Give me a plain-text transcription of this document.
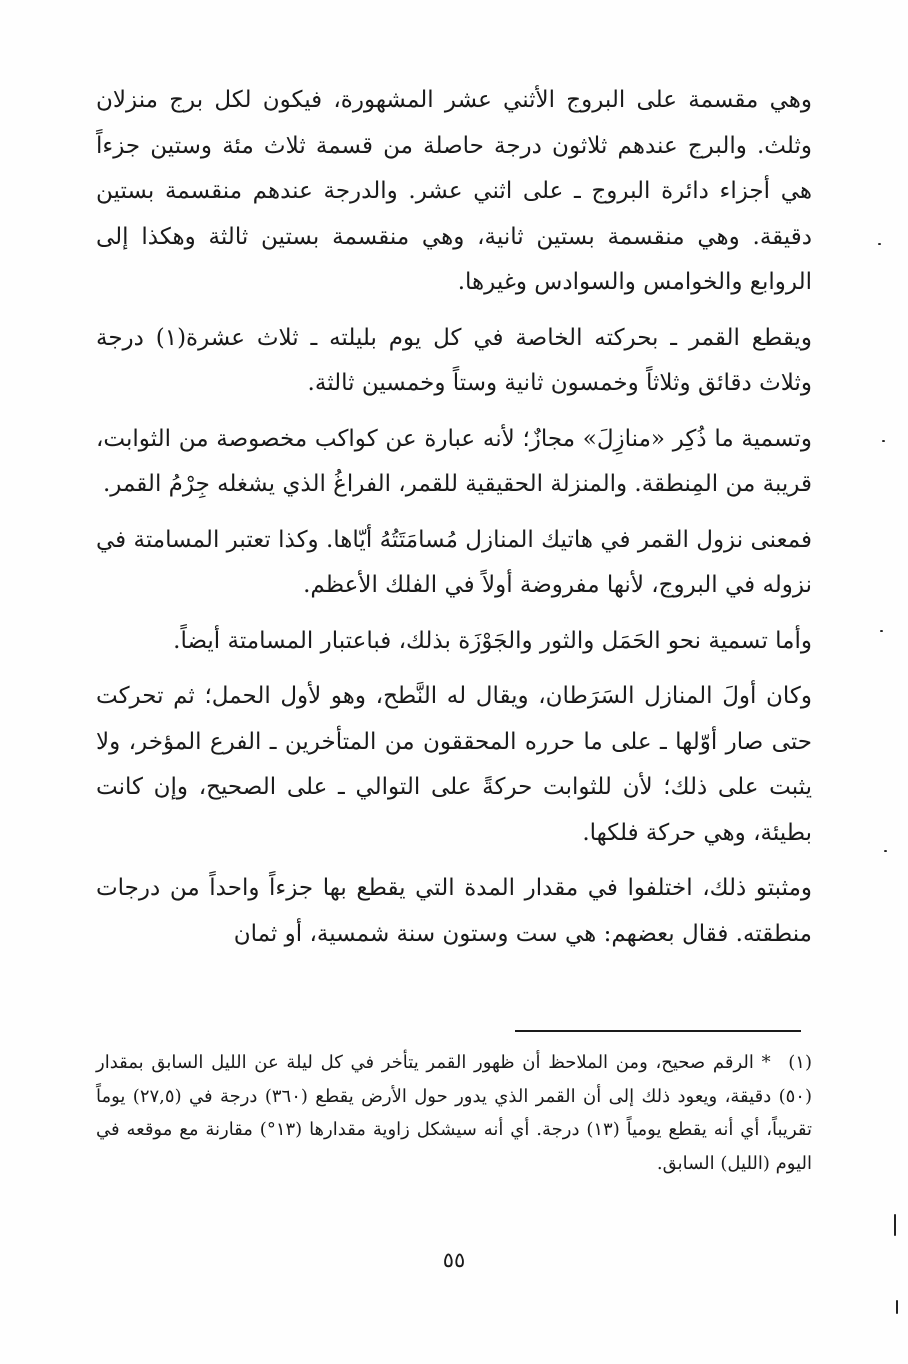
وهي مقسمة على البروج الأثني عشر المشهورة، فيكون لكل برج منزلان وثلث. والبرج عندهم ثلاثون درجة حاصلة من قسمة ثلاث مئة وستين جزءاً هي أجزاء دائرة البروج ـ على اثني عشر. والدرجة عندهم منقسمة بستين دقيقة. وهي منقسمة بستين ثانية، وهي منقسمة بستين ثالثة وهكذا إلى الروابع والخوامس والسوادس وغيرها.

ويقطع القمر ـ بحركته الخاصة في كل يوم بليلته ـ ثلاث عشرة(١) درجة وثلاث دقائق وثلاثاً وخمسون ثانية وستاً وخمسين ثالثة.

وتسمية ما ذُكِر «منازِلَ» مجازٌ؛ لأنه عبارة عن كواكب مخصوصة من الثوابت، قريبة من المِنطقة. والمنزلة الحقيقية للقمر، الفراغُ الذي يشغله جِرْمُ القمر.

فمعنى نزول القمر في هاتيك المنازل مُسامَتَتُهُ أيّاها. وكذا تعتبر المسامتة في نزوله في البروج، لأنها مفروضة أولاً في الفلك الأعظم.

وأما تسمية نحو الحَمَل والثور والجَوْزَة بذلك، فباعتبار المسامتة أيضاً.

وكان أولَ المنازل السَرَطان، ويقال له النَّطح، وهو لأول الحمل؛ ثم تحركت حتى صار أوّلها ـ على ما حرره المحققون من المتأخرين ـ الفرع المؤخر، ولا يثبت على ذلك؛ لأن للثوابت حركةً على التوالي ـ على الصحيح، وإن كانت بطيئة، وهي حركة فلكها.

ومثبتو ذلك، اختلفوا في مقدار المدة التي يقطع بها جزءاً واحداً من درجات منطقته. فقال بعضهم: هي ست وستون سنة شمسية، أو ثمان

(١) * الرقم صحيح، ومن الملاحظ أن ظهور القمر يتأخر في كل ليلة عن الليل السابق بمقدار (٥٠) دقيقة، ويعود ذلك إلى أن القمر الذي يدور حول الأرض يقطع (٣٦٠) درجة في (٢٧,٥) يوماً تقريباً، أي أنه يقطع يومياً (١٣) درجة. أي أنه سيشكل زاوية مقدارها (١٣°) مقارنة مع موقعه في اليوم (الليل) السابق.

٥٥
